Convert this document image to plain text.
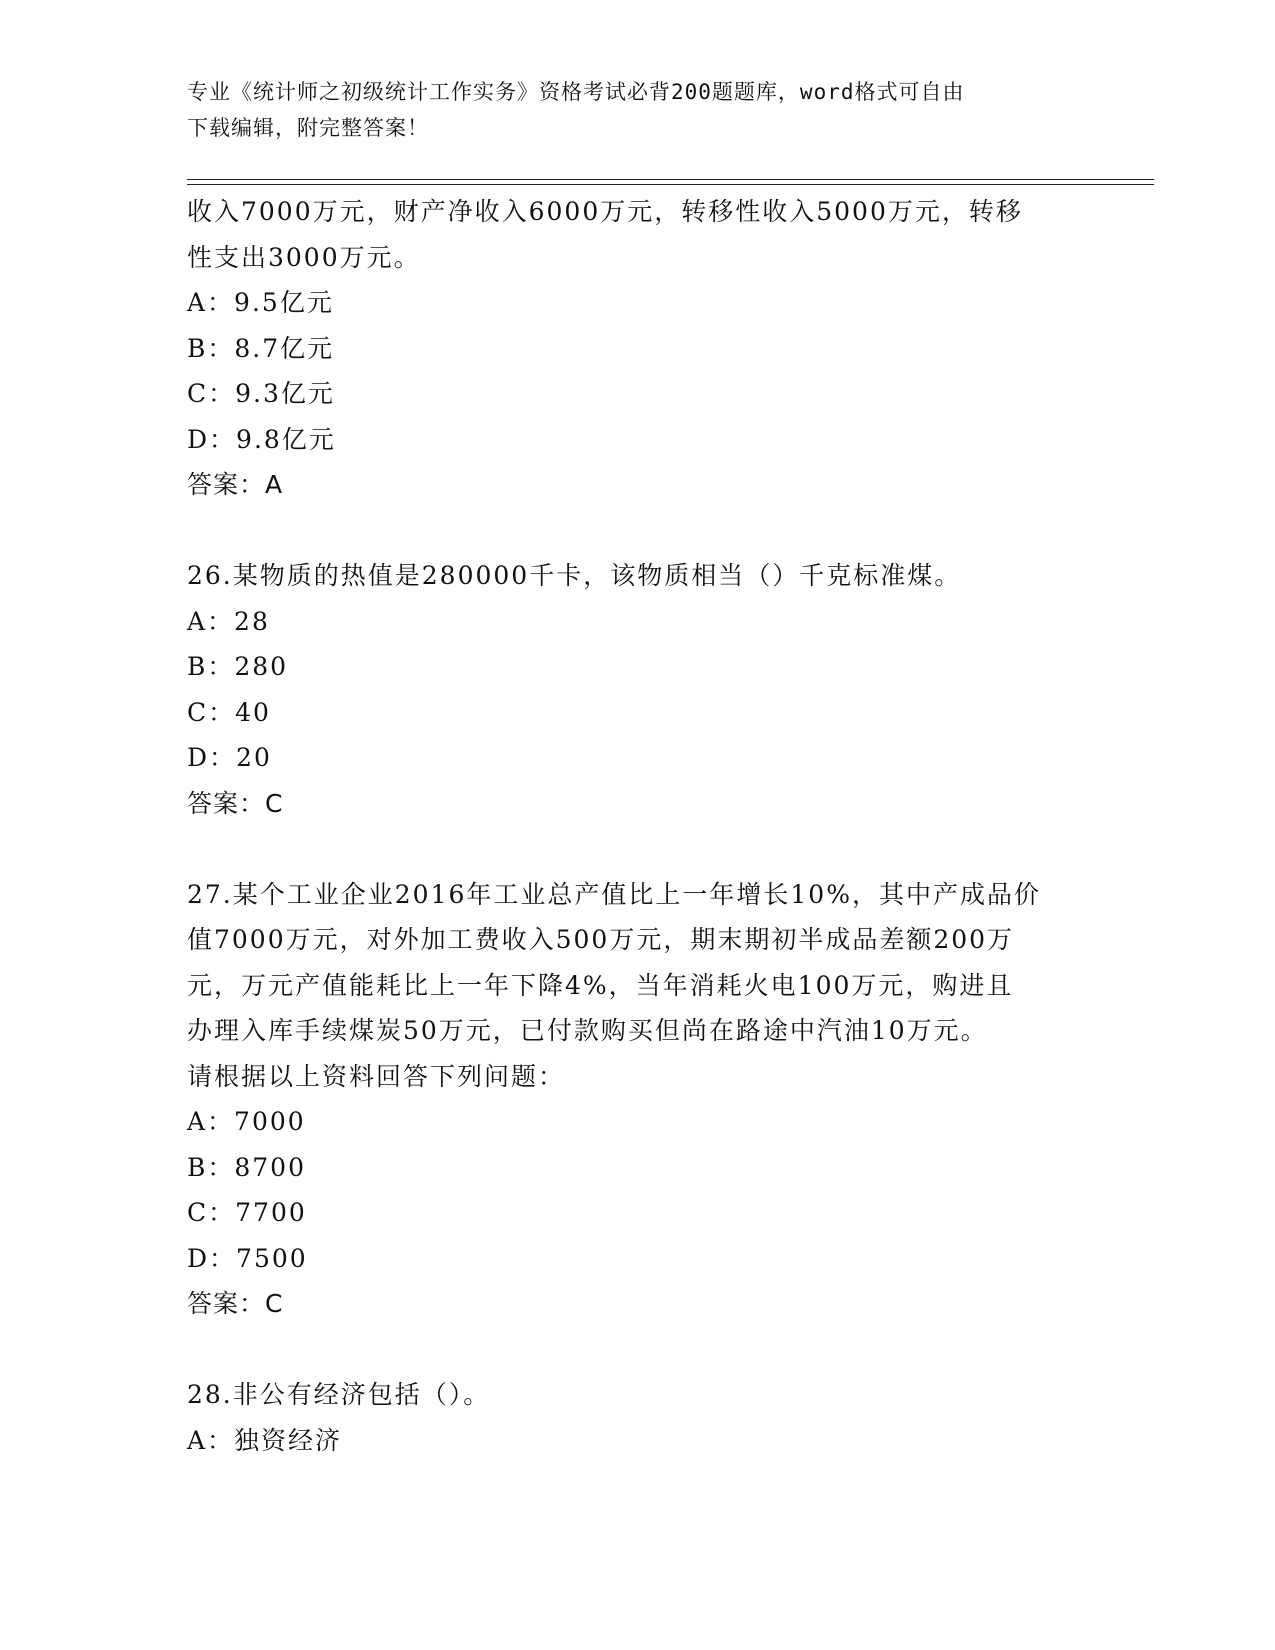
专业《统计师之初级统计工作实务》资格考试必背200题题库，word格式可自由
下载编辑，附完整答案！
收入7000万元，财产净收入6000万元，转移性收入5000万元，转移
性支出3000万元。
A：9.5亿元
B：8.7亿元
C：9.3亿元
D：9.8亿元
答案：A
26.某物质的热值是280000千卡，该物质相当（）千克标准煤。
A：28
B：280
C：40
D：20
答案：C
27.某个工业企业2016年工业总产值比上一年增长10%，其中产成品价
值7000万元，对外加工费收入500万元，期末期初半成品差额200万
元，万元产值能耗比上一年下降4%，当年消耗火电100万元，购进且
办理入库手续煤炭50万元，已付款购买但尚在路途中汽油10万元。
请根据以上资料回答下列问题：
A：7000
B：8700
C：7700
D：7500
答案：C
28.非公有经济包括（）。
A：独资经济
